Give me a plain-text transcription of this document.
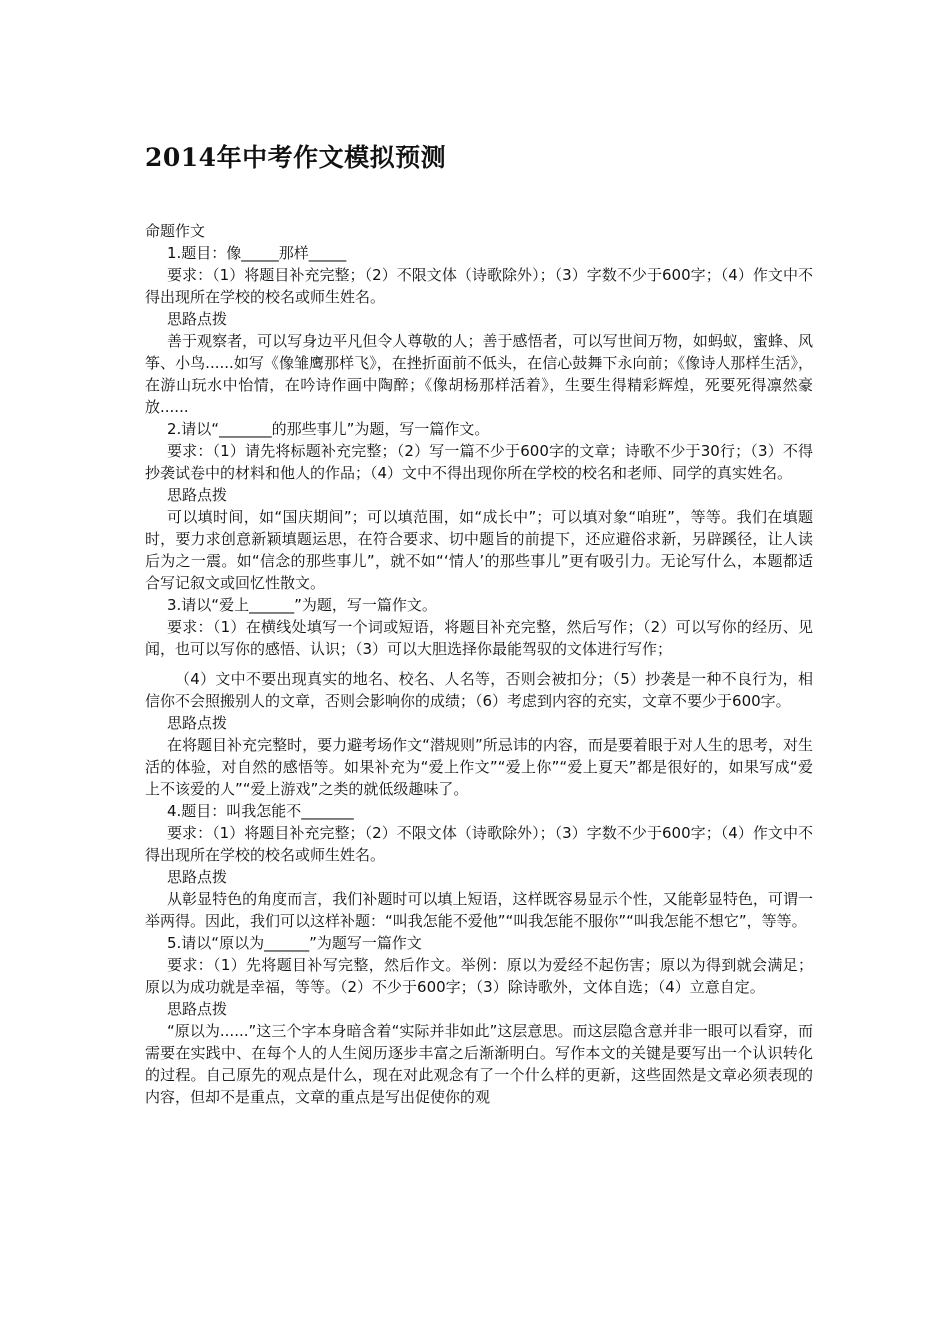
2014年中考作文模拟预测
命题作文
1.题目：像_____那样_____
要求：（1）将题目补充完整；（2）不限文体（诗歌除外）；（3）字数不少于600字；（4）作文中不得出现所在学校的校名或师生姓名。
思路点拨
善于观察者，可以写身边平凡但令人尊敬的人；善于感悟者，可以写世间万物，如蚂蚁，蜜蜂、风筝、小鸟......如写《像雏鹰那样飞》，在挫折面前不低头，在信心鼓舞下永向前；《像诗人那样生活》，在游山玩水中怡情，在吟诗作画中陶醉；《像胡杨那样活着》，生要生得精彩辉煌，死要死得凛然豪放......
2.请以“_______的那些事儿”为题，写一篇作文。
要求：（1）请先将标题补充完整；（2）写一篇不少于600字的文章；诗歌不少于30行；（3）不得抄袭试卷中的材料和他人的作品；（4）文中不得出现你所在学校的校名和老师、同学的真实姓名。
思路点拨
可以填时间，如“国庆期间”；可以填范围，如“成长中”；可以填对象“咱班”，等等。我们在填题时，要力求创意新颖填题运思，在符合要求、切中题旨的前提下，还应避俗求新，另辟蹊径，让人读后为之一震。如“信念的那些事儿”，就不如“‘情人’的那些事儿”更有吸引力。无论写什么，本题都适合写记叙文或回忆性散文。
3.请以“爱上______”为题，写一篇作文。
要求：（1）在横线处填写一个词或短语，将题目补充完整，然后写作；（2）可以写你的经历、见闻，也可以写你的感悟、认识；（3）可以大胆选择你最能驾驭的文体进行写作；
（4）文中不要出现真实的地名、校名、人名等，否则会被扣分；（5）抄袭是一种不良行为，相信你不会照搬别人的文章，否则会影响你的成绩；（6）考虑到内容的充实，文章不要少于600字。
思路点拨
在将题目补充完整时，要力避考场作文“潜规则”所忌讳的内容，而是要着眼于对人生的思考，对生活的体验，对自然的感悟等。如果补充为“爱上作文”“爱上你”“爱上夏天”都是很好的，如果写成“爱上不该爱的人”“爱上游戏”之类的就低级趣味了。
4.题目：叫我怎能不_______
要求：（1）将题目补充完整；（2）不限文体（诗歌除外）；（3）字数不少于600字；（4）作文中不得出现所在学校的校名或师生姓名。
思路点拨
从彰显特色的角度而言，我们补题时可以填上短语，这样既容易显示个性，又能彰显特色，可谓一举两得。因此，我们可以这样补题：“叫我怎能不爱他”“叫我怎能不服你”“叫我怎能不想它”，等等。
5.请以“原以为______”为题写一篇作文
要求：（1）先将题目补写完整，然后作文。举例：原以为爱经不起伤害；原以为得到就会满足；原以为成功就是幸福，等等。（2）不少于600字；（3）除诗歌外，文体自选；（4）立意自定。
思路点拨
“原以为......”这三个字本身暗含着“实际并非如此”这层意思。而这层隐含意并非一眼可以看穿，而需要在实践中、在每个人的人生阅历逐步丰富之后渐渐明白。写作本文的关键是要写出一个认识转化的过程。自己原先的观点是什么，现在对此观念有了一个什么样的更新，这些固然是文章必须表现的内容，但却不是重点，文章的重点是写出促使你的观
